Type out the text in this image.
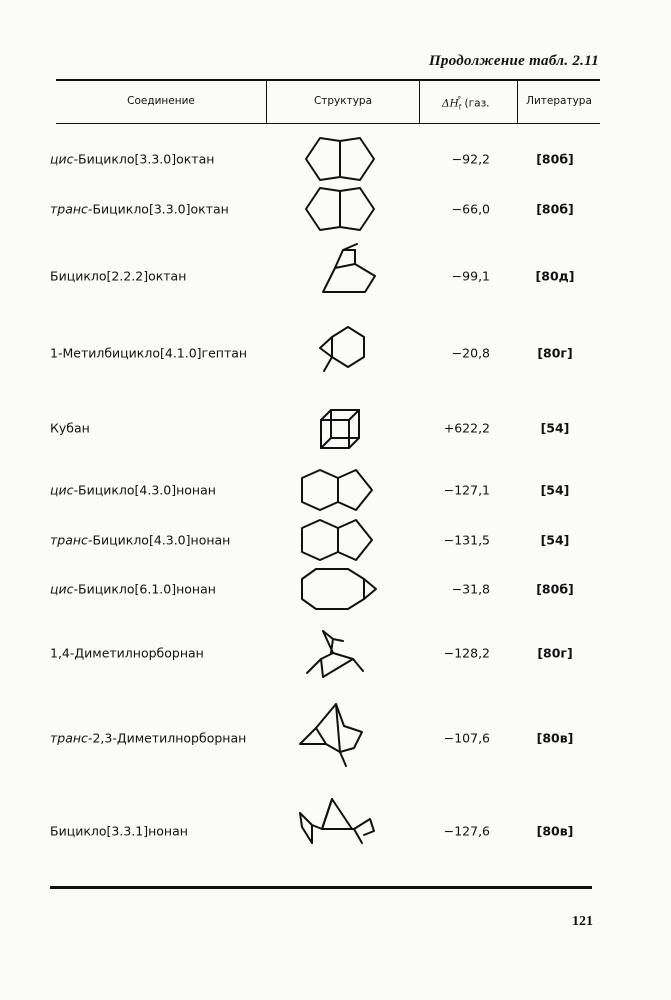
Продолжение табл. 2.11
Соединение	Структура	$\Delta H_f^\circ$ (газ.	Литература
цис-Бицикло[3.3.0]октан	−92,2	[80б]
транс-Бицикло[3.3.0]октан	−66,0	[80б]
Бицикло[2.2.2]октан	−99,1	[80д]
1-Метилбициклo[4.1.0]гептан	−20,8	[80г]
Кубан	+622,2	[54]
цис-Бицикло[4.3.0]нонан	−127,1	[54]
транс-Бицикло[4.3.0]нонан	−131,5	[54]
цис-Бицикло[6.1.0]нонан	−31,8	[80б]
1,4-Диметилнорборнан	−128,2	[80г]
транс-2,3-Диметилнорборнан	−107,6	[80в]
Бицикло[3.3.1]нонан	−127,6	[80в]
121
